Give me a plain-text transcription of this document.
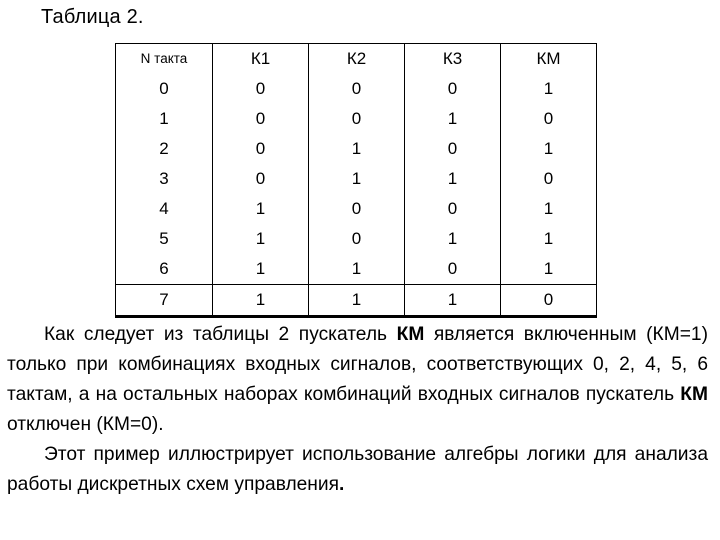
Таблица 2.
N такта	К1	К2	К3	КМ
0	0	0	0	1
1	0	0	1	0
2	0	1	0	1
3	0	1	1	0
4	1	0	0	1
5	1	0	1	1
6	1	1	0	1
7	1	1	1	0

Как следует из таблицы 2 пускатель КМ является включенным (КМ=1) только при комбинациях входных сигналов, соответствующих 0, 2, 4, 5, 6 тактам, а на остальных наборах комбинаций входных сигналов пускатель КМ отключен (КМ=0).

Этот пример иллюстрирует использование алгебры логики для анализа работы дискретных схем управления.
